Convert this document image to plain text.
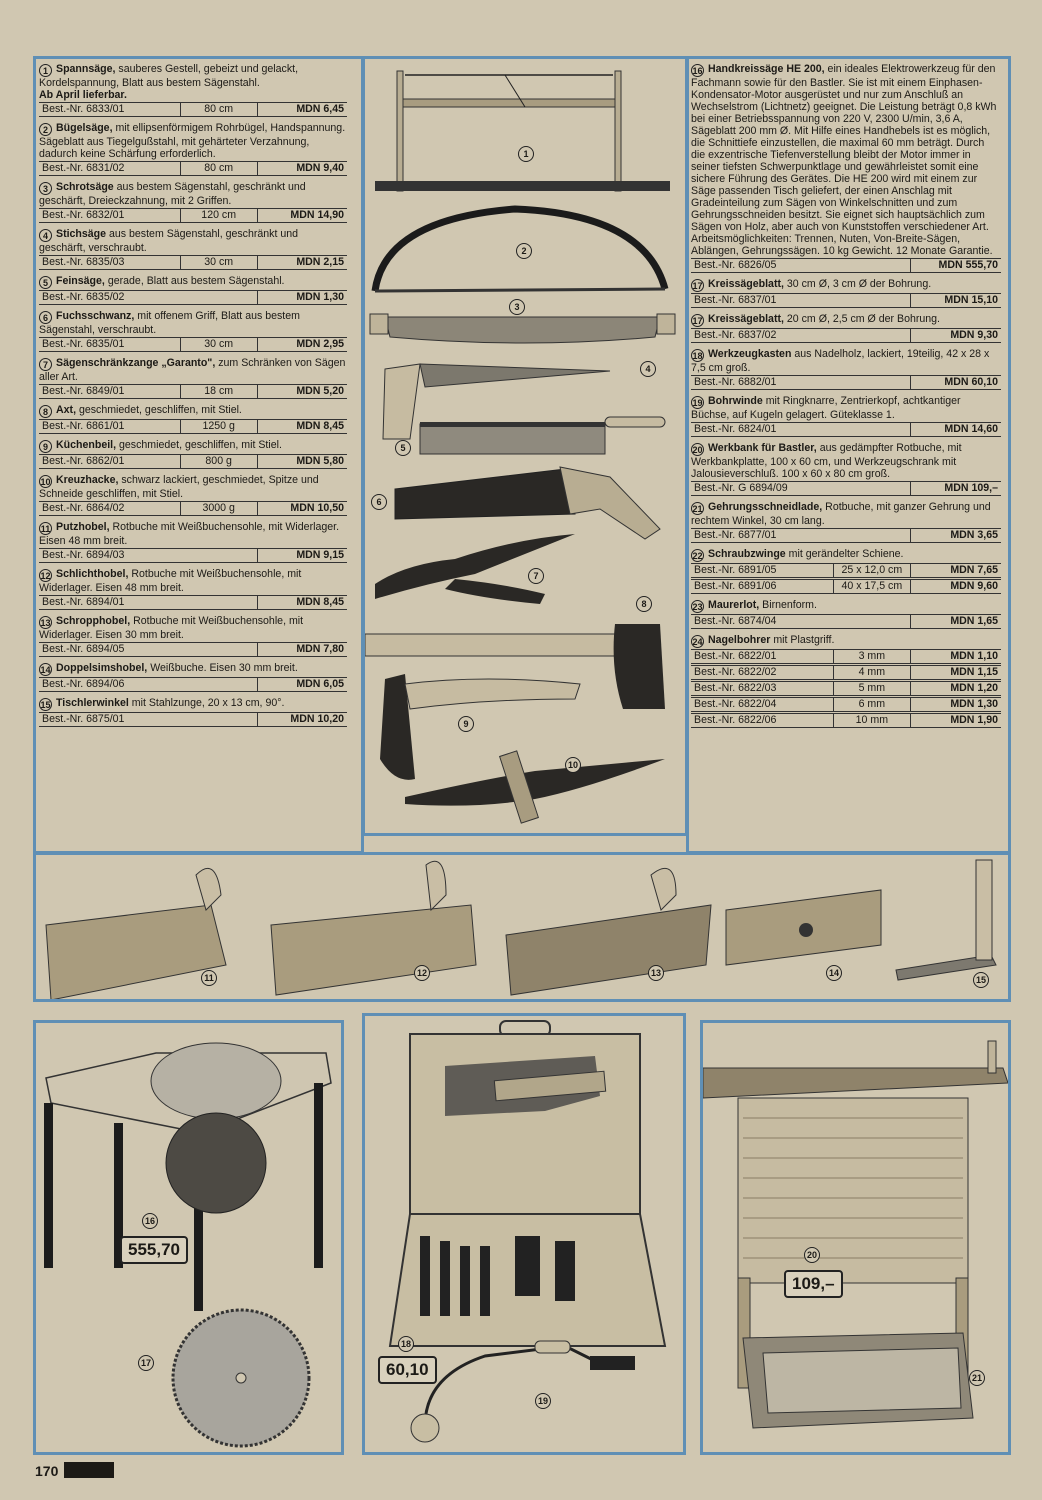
1 Spannsäge, sauberes Gestell, gebeizt und gelackt, Kordelspannung, Blatt aus bestem Sägenstahl.
Ab April lieferbar.
Best.-Nr. 6833/01	80 cm	MDN 6,45
2 Bügelsäge, mit ellipsenförmigem Rohrbügel, Handspannung. Sägeblatt aus Tiegelgußstahl, mit gehärteter Verzahnung, dadurch keine Schärfung erforderlich.
Best.-Nr. 6831/02	80 cm	MDN 9,40
3 Schrotsäge aus bestem Sägenstahl, geschränkt und geschärft, Dreieckzahnung, mit 2 Griffen.
Best.-Nr. 6832/01	120 cm	MDN 14,90
4 Stichsäge aus bestem Sägenstahl, geschränkt und geschärft, verschraubt.
Best.-Nr. 6835/03	30 cm	MDN 2,15
5 Feinsäge, gerade, Blatt aus bestem Sägenstahl.
Best.-Nr. 6835/02	MDN 1,30
6 Fuchsschwanz, mit offenem Griff, Blatt aus bestem Sägenstahl, verschraubt.
Best.-Nr. 6835/01	30 cm	MDN 2,95
7 Sägenschränkzange „Garanto", zum Schränken von Sägen aller Art.
Best.-Nr. 6849/01	18 cm	MDN 5,20
8 Axt, geschmiedet, geschliffen, mit Stiel.
Best.-Nr. 6861/01	1250 g	MDN 8,45
9 Küchenbeil, geschmiedet, geschliffen, mit Stiel.
Best.-Nr. 6862/01	800 g	MDN 5,80
10 Kreuzhacke, schwarz lackiert, geschmiedet, Spitze und Schneide geschliffen, mit Stiel.
Best.-Nr. 6864/02	3000 g	MDN 10,50
11 Putzhobel, Rotbuche mit Weißbuchensohle, mit Widerlager. Eisen 48 mm breit.
Best.-Nr. 6894/03	MDN 9,15
12 Schlichthobel, Rotbuche mit Weißbuchensohle, mit Widerlager. Eisen 48 mm breit.
Best.-Nr. 6894/01	MDN 8,45
13 Schropphobel, Rotbuche mit Weißbuchensohle, mit Widerlager. Eisen 30 mm breit.
Best.-Nr. 6894/05	MDN 7,80
14 Doppelsimshobel, Weißbuche. Eisen 30 mm breit.
Best.-Nr. 6894/06	MDN 6,05
15 Tischlerwinkel mit Stahlzunge, 20 x 13 cm, 90°.
Best.-Nr. 6875/01	MDN 10,20
16 Handkreissäge HE 200, ein ideales Elektrowerkzeug für den Fachmann sowie für den Bastler. Sie ist mit einem Einphasen-Kondensator-Motor ausgerüstet und nur zum Anschluß an Wechselstrom (Lichtnetz) geeignet. Die Leistung beträgt 0,8 kWh bei einer Betriebsspannung von 220 V, 2300 U/min, 3,6 A, Sägeblatt 200 mm Ø. Mit Hilfe eines Handhebels ist es möglich, die Schnittiefe einzustellen, die maximal 60 mm beträgt. Durch die exzentrische Tiefenverstellung bleibt der Motor immer in seiner tiefsten Schwerpunktlage und gewährleistet somit eine sichere Führung des Gerätes. Die HE 200 wird mit einem zur Säge passenden Tisch geliefert, der einen Anschlag mit Gradeinteilung zum Sägen von Winkelschnitten und zum Gehrungsschneiden besitzt. Sie eignet sich hauptsächlich zum Sägen von Holz, aber auch von Kunststoffen verschiedener Art. Arbeitsmöglichkeiten: Trennen, Nuten, Von-Breite-Sägen, Ablängen, Gehrungssägen. 10 kg Gewicht. 12 Monate Garantie.
Best.-Nr. 6826/05	MDN 555,70
17 Kreissägeblatt, 30 cm Ø, 3 cm Ø der Bohrung.
Best.-Nr. 6837/01	MDN 15,10
17 Kreissägeblatt, 20 cm Ø, 2,5 cm Ø der Bohrung.
Best.-Nr. 6837/02	MDN 9,30
18 Werkzeugkasten aus Nadelholz, lackiert, 19teilig, 42 x 28 x 7,5 cm groß.
Best.-Nr. 6882/01	MDN 60,10
19 Bohrwinde mit Ringknarre, Zentrierkopf, achtkantiger Büchse, auf Kugeln gelagert. Güteklasse 1.
Best.-Nr. 6824/01	MDN 14,60
20 Werkbank für Bastler, aus gedämpfter Rotbuche, mit Werkbankplatte, 100 x 60 cm, und Werkzeugschrank mit Jalousieverschluß. 100 x 60 x 80 cm groß.
Best.-Nr. G 6894/09	MDN 109,–
21 Gehrungsschneidlade, Rotbuche, mit ganzer Gehrung und rechtem Winkel, 30 cm lang.
Best.-Nr. 6877/01	MDN 3,65
22 Schraubzwinge mit gerändelter Schiene.
Best.-Nr. 6891/05	25 x 12,0 cm	MDN 7,65
Best.-Nr. 6891/06	40 x 17,5 cm	MDN 9,60
23 Maurerlot, Birnenform.
Best.-Nr. 6874/04	MDN 1,65
24 Nagelbohrer mit Plastgriff.
Best.-Nr. 6822/01	3 mm	MDN 1,10
Best.-Nr. 6822/02	4 mm	MDN 1,15
Best.-Nr. 6822/03	5 mm	MDN 1,20
Best.-Nr. 6822/04	6 mm	MDN 1,30
Best.-Nr. 6822/06	10 mm	MDN 1,90
1
2
3
4
5
6
7
8
9
10
11	12	13	14
15
16
17
18
19
20
21
555,70
60,10
109,–
170
